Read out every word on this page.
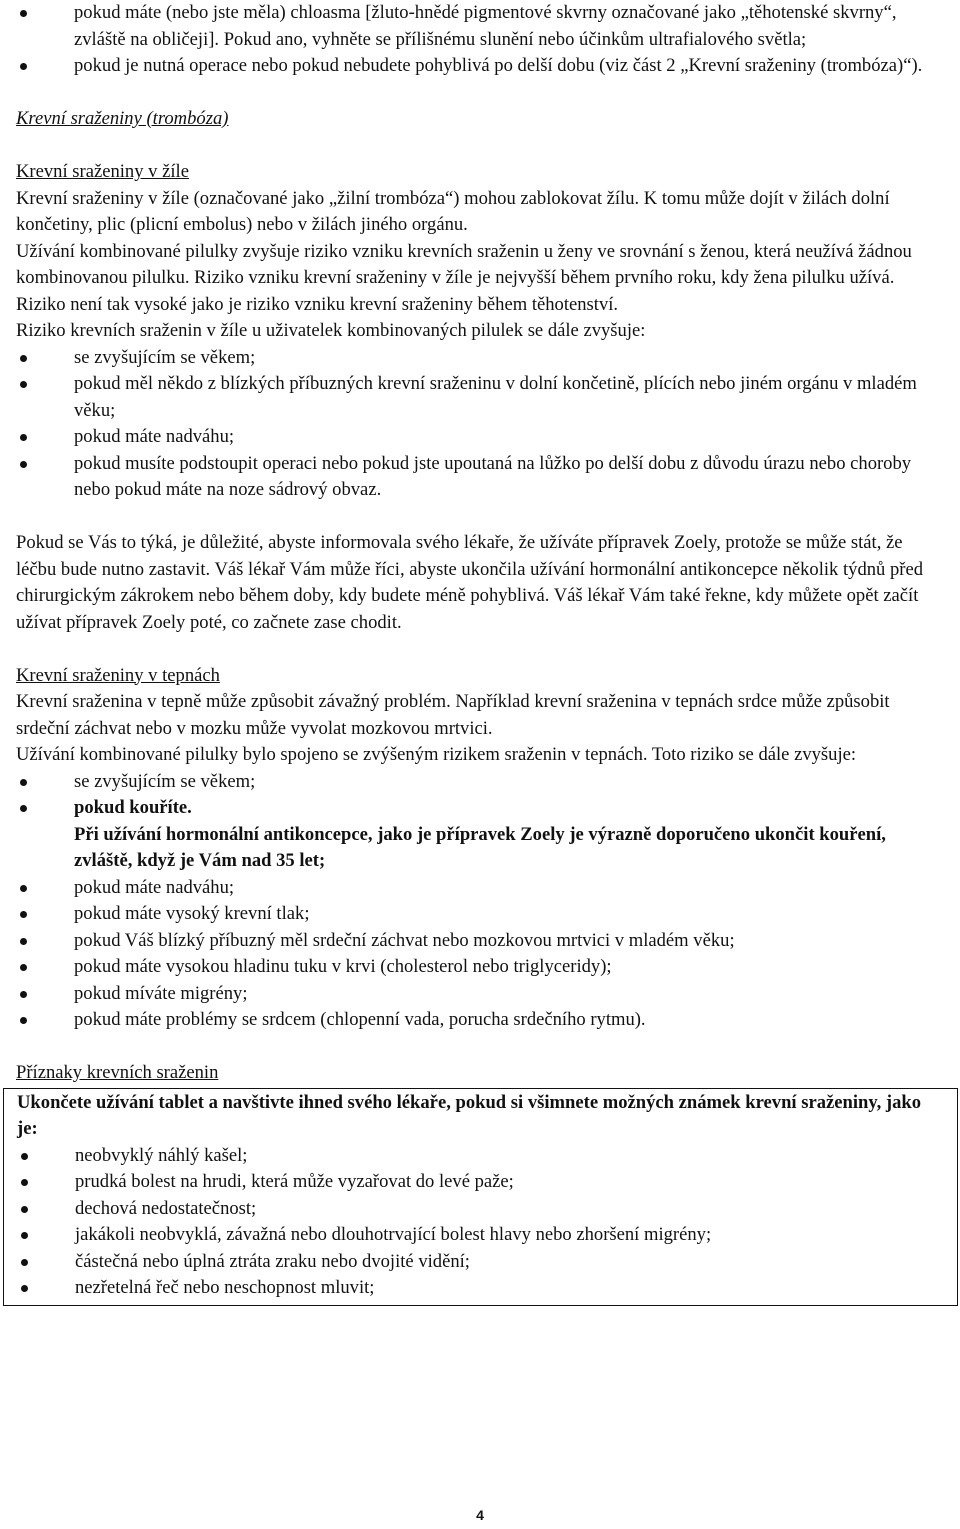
pokud máte (nebo jste měla) chloasma [žluto-hnědé pigmentové skvrny označované jako „těhotenské skvrny“, zvláště na obličeji]. Pokud ano, vyhněte se přílišnému slunění nebo účinkům ultrafialového světla;
pokud je nutná operace nebo pokud nebudete pohyblivá po delší dobu (viz část 2 „Krevní sraženiny (trombóza)“).

Krevní sraženiny (trombóza)

Krevní sraženiny v žíle

Krevní sraženiny v žíle (označované jako „žilní trombóza“) mohou zablokovat žílu. K tomu může dojít v žilách dolní končetiny, plic (plicní embolus) nebo v žilách jiného orgánu.

Užívání kombinované pilulky zvyšuje riziko vzniku krevních sraženin u ženy ve srovnání s ženou, která neužívá žádnou kombinovanou pilulku. Riziko vzniku krevní sraženiny v žíle je nejvyšší během prvního roku, kdy žena pilulku užívá. Riziko není tak vysoké jako je riziko vzniku krevní sraženiny během těhotenství.

Riziko krevních sraženin v žíle u uživatelek kombinovaných pilulek se dále zvyšuje:

se zvyšujícím se věkem;
pokud měl někdo z blízkých příbuzných krevní sraženinu v dolní končetině, plících nebo jiném orgánu v mladém věku;
pokud máte nadváhu;
pokud musíte podstoupit operaci nebo pokud jste upoutaná na lůžko po delší dobu z důvodu úrazu nebo choroby nebo pokud máte na noze sádrový obvaz.

Pokud se Vás to týká, je důležité, abyste informovala svého lékaře, že užíváte přípravek Zoely, protože se může stát, že léčbu bude nutno zastavit. Váš lékař Vám může říci, abyste ukončila užívání hormonální antikoncepce několik týdnů před chirurgickým zákrokem nebo během doby, kdy budete méně pohyblivá. Váš lékař Vám také řekne, kdy můžete opět začít užívat přípravek Zoely poté, co začnete zase chodit.

Krevní sraženiny v tepnách

Krevní sraženina v tepně může způsobit závažný problém. Například krevní sraženina v tepnách srdce může způsobit srdeční záchvat nebo v mozku může vyvolat mozkovou mrtvici.

Užívání kombinované pilulky bylo spojeno se zvýšeným rizikem sraženin v tepnách. Toto riziko se dále zvyšuje:

se zvyšujícím se věkem;
pokud kouříte.
Při užívání hormonální antikoncepce, jako je přípravek Zoely je výrazně doporučeno ukončit kouření, zvláště, když je Vám nad 35 let;
pokud máte nadváhu;
pokud máte vysoký krevní tlak;
pokud Váš blízký příbuzný měl srdeční záchvat nebo mozkovou mrtvici v mladém věku;
pokud máte vysokou hladinu tuku v krvi (cholesterol nebo triglyceridy);
pokud míváte migrény;
pokud máte problémy se srdcem (chlopenní vada, porucha srdečního rytmu).

Příznaky krevních sraženin

Ukončete užívání tablet a navštivte ihned svého lékaře, pokud si všimnete možných známek krevní sraženiny, jako je:

neobvyklý náhlý kašel;
prudká bolest na hrudi, která může vyzařovat do levé paže;
dechová nedostatečnost;
jakákoli neobvyklá, závažná nebo dlouhotrvající bolest hlavy nebo zhoršení migrény;
částečná nebo úplná ztráta zraku nebo dvojité vidění;
nezřetelná řeč nebo neschopnost mluvit;
4
